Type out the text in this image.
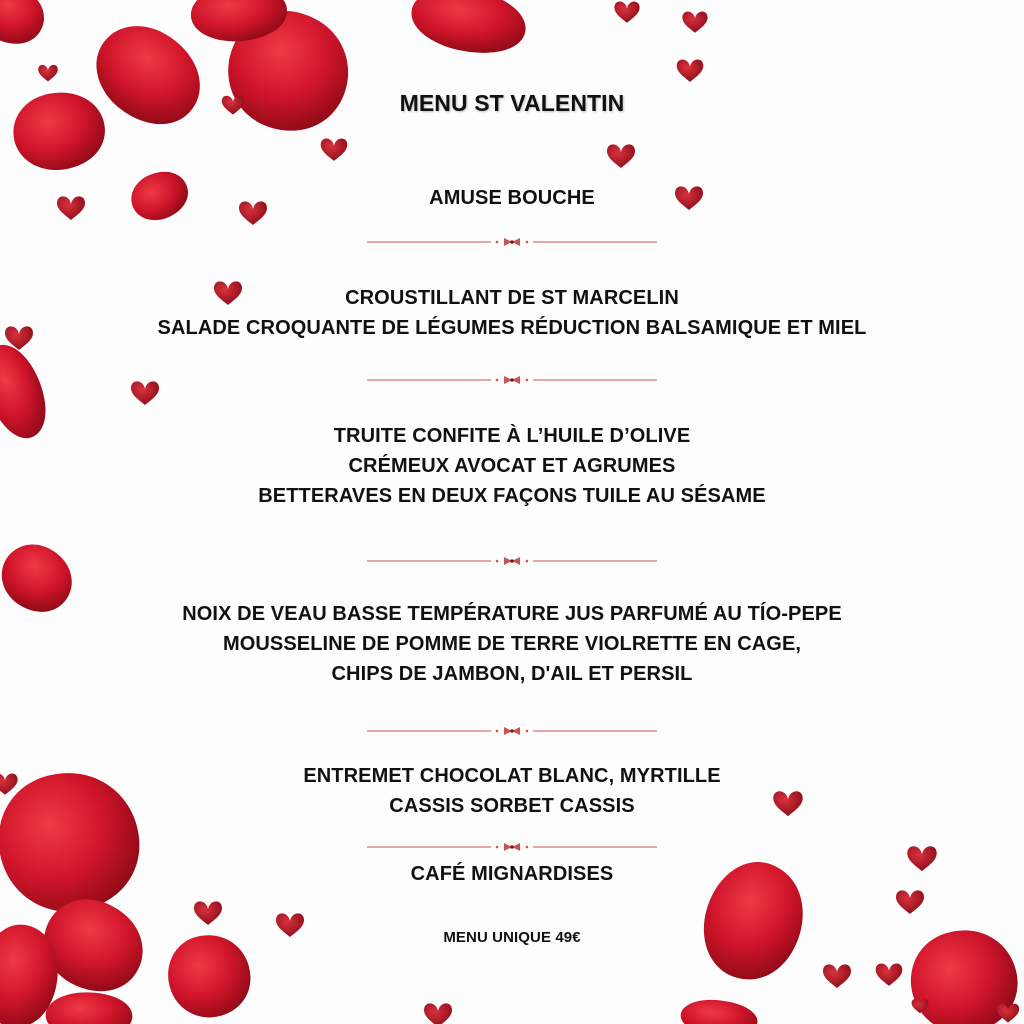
MENU ST VALENTIN
AMUSE BOUCHE
CROUSTILLANT DE ST MARCELIN
SALADE CROQUANTE DE LÉGUMES RÉDUCTION BALSAMIQUE ET MIEL
TRUITE CONFITE À L’HUILE D’OLIVE
CRÉMEUX AVOCAT ET AGRUMES
BETTERAVES EN DEUX FAÇONS TUILE AU SÉSAME
NOIX DE VEAU BASSE TEMPÉRATURE JUS PARFUMÉ AU TÍO-PEPE
MOUSSELINE DE POMME DE TERRE VIOLRETTE EN CAGE,
CHIPS DE JAMBON, D'AIL ET PERSIL
ENTREMET CHOCOLAT BLANC, MYRTILLE
CASSIS SORBET CASSIS
CAFÉ MIGNARDISES
MENU UNIQUE 49€
